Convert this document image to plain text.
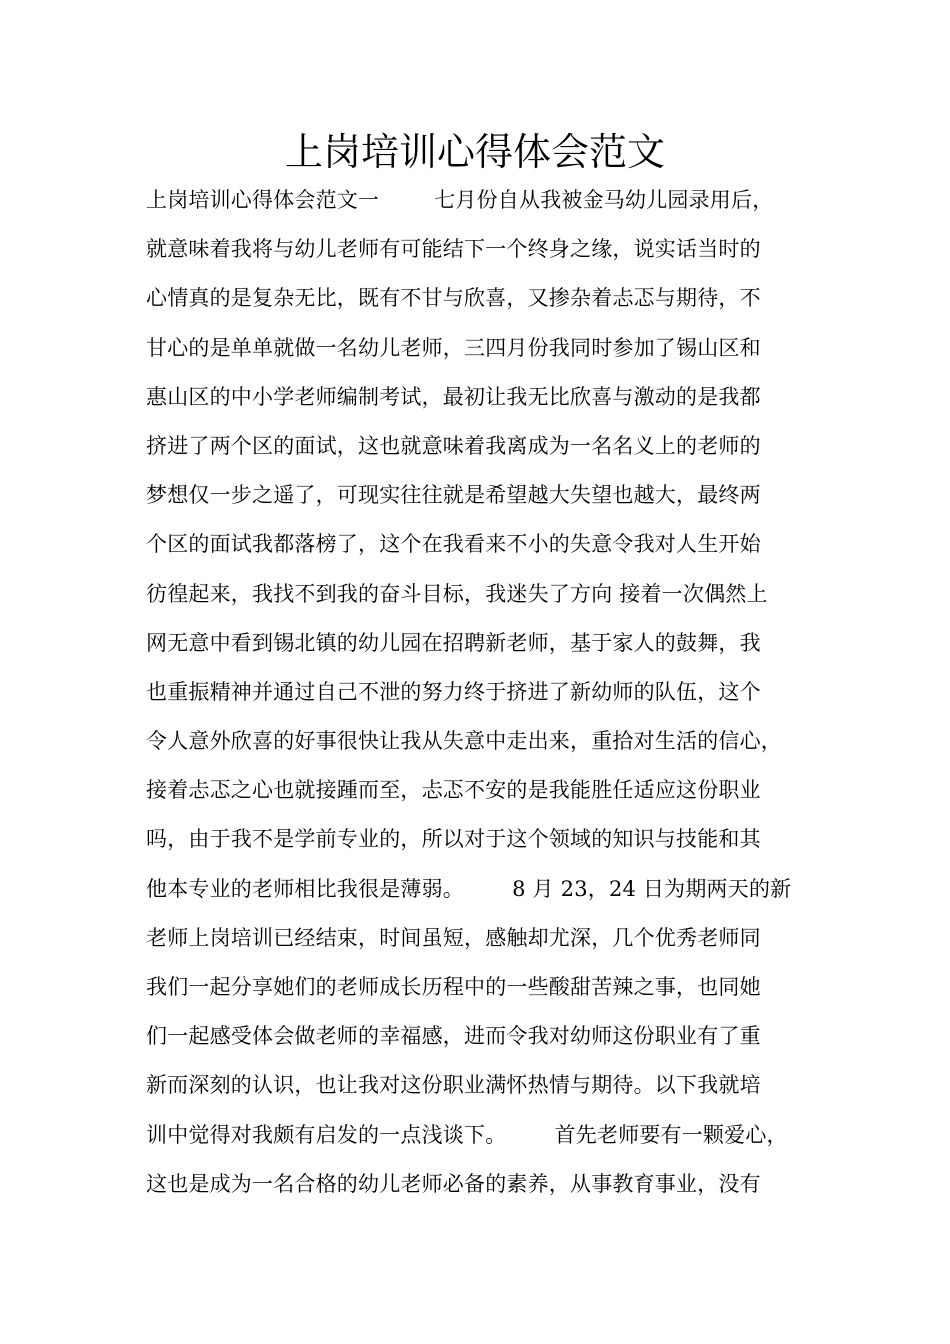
上岗培训心得体会范文
上岗培训心得体会范文一        七月份自从我被金马幼儿园录用后，
就意味着我将与幼儿老师有可能结下一个终身之缘，说实话当时的
心情真的是复杂无比，既有不甘与欣喜，又掺杂着忐忑与期待，不
甘心的是单单就做一名幼儿老师，三四月份我同时参加了锡山区和
惠山区的中小学老师编制考试，最初让我无比欣喜与激动的是我都
挤进了两个区的面试，这也就意味着我离成为一名名义上的老师的
梦想仅一步之遥了，可现实往往就是希望越大失望也越大，最终两
个区的面试我都落榜了，这个在我看来不小的失意令我对人生开始
彷徨起来，我找不到我的奋斗目标，我迷失了方向 接着一次偶然上
网无意中看到锡北镇的幼儿园在招聘新老师，基于家人的鼓舞，我
也重振精神并通过自己不泄的努力终于挤进了新幼师的队伍，这个
令人意外欣喜的好事很快让我从失意中走出来，重拾对生活的信心，
接着忐忑之心也就接踵而至，忐忑不安的是我能胜任适应这份职业
吗，由于我不是学前专业的，所以对于这个领域的知识与技能和其
他本专业的老师相比我很是薄弱。       8 月 23，24 日为期两天的新
老师上岗培训已经结束，时间虽短，感触却尤深，几个优秀老师同
我们一起分享她们的老师成长历程中的一些酸甜苦辣之事，也同她
们一起感受体会做老师的幸福感，进而令我对幼师这份职业有了重
新而深刻的认识，也让我对这份职业满怀热情与期待。以下我就培
训中觉得对我颇有启发的一点浅谈下。       首先老师要有一颗爱心，
这也是成为一名合格的幼儿老师必备的素养，从事教育事业，没有
